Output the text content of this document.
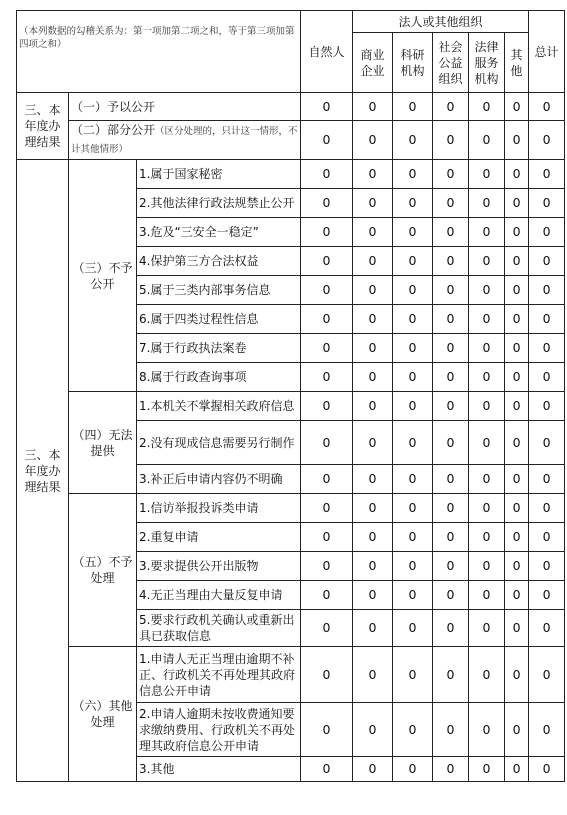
（本列数据的勾稽关系为：第一项加第二项之和，等于第三项加第四项之和）			自然人	法人或其他组织					总计
				商业企业	科研机构	社会公益组织	法律服务机构	其他	
三、本年度办理结果	（一）予以公开		0	0	0	0	0	0	0
	（二）部分公开（区分处理的，只计这一情形，不计其他情形）		0	0	0	0	0	0	0
三、本年度办理结果	（三）不予公开	1.属于国家秘密	0	0	0	0	0	0	0
		2.其他法律行政法规禁止公开	0	0	0	0	0	0	0
		3.危及“三安全一稳定”	0	0	0	0	0	0	0
		4.保护第三方合法权益	0	0	0	0	0	0	0
		5.属于三类内部事务信息	0	0	0	0	0	0	0
		6.属于四类过程性信息	0	0	0	0	0	0	0
		7.属于行政执法案卷	0	0	0	0	0	0	0
		8.属于行政查询事项	0	0	0	0	0	0	0
	（四）无法提供	1.本机关不掌握相关政府信息	0	0	0	0	0	0	0
		2.没有现成信息需要另行制作	0	0	0	0	0	0	0
		3.补正后申请内容仍不明确	0	0	0	0	0	0	0
	（五）不予处理	1.信访举报投诉类申请	0	0	0	0	0	0	0
		2.重复申请	0	0	0	0	0	0	0
		3.要求提供公开出版物	0	0	0	0	0	0	0
		4.无正当理由大量反复申请	0	0	0	0	0	0	0
		5.要求行政机关确认或重新出具已获取信息	0	0	0	0	0	0	0
	（六）其他处理	1.申请人无正当理由逾期不补正、行政机关不再处理其政府信息公开申请	0	0	0	0	0	0	0
		2.申请人逾期未按收费通知要求缴纳费用、行政机关不再处理其政府信息公开申请	0	0	0	0	0	0	0
		3.其他	0	0	0	0	0	0	0
